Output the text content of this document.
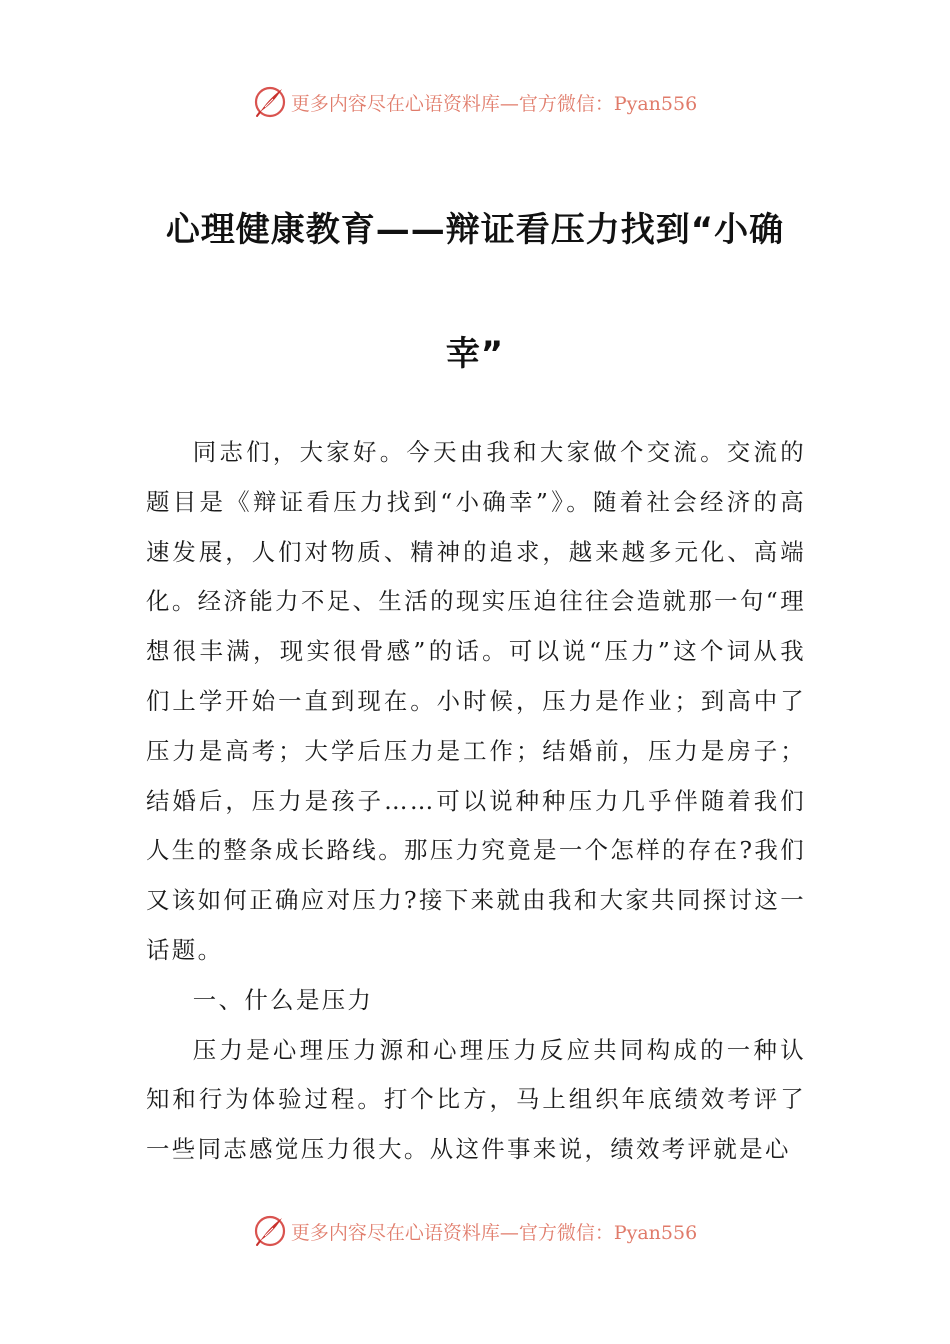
更多内容尽在心语资料库—官方微信：Pyan556
心理健康教育——辩证看压力找到“小确幸”

同志们，大家好。今天由我和大家做个交流。交流的题目是《辩证看压力找到“小确幸”》。随着社会经济的高速发展，人们对物质、精神的追求，越来越多元化、高端化。经济能力不足、生活的现实压迫往往会造就那一句“理想很丰满，现实很骨感”的话。可以说“压力”这个词从我们上学开始一直到现在。小时候，压力是作业；到高中了压力是高考；大学后压力是工作；结婚前，压力是房子；结婚后，压力是孩子……可以说种种压力几乎伴随着我们人生的整条成长路线。那压力究竟是一个怎样的存在?我们又该如何正确应对压力?接下来就由我和大家共同探讨这一话题。

一、什么是压力

压力是心理压力源和心理压力反应共同构成的一种认知和行为体验过程。打个比方，马上组织年底绩效考评了一些同志感觉压力很大。从这件事来说，绩效考评就是心

更多内容尽在心语资料库—官方微信：Pyan556
